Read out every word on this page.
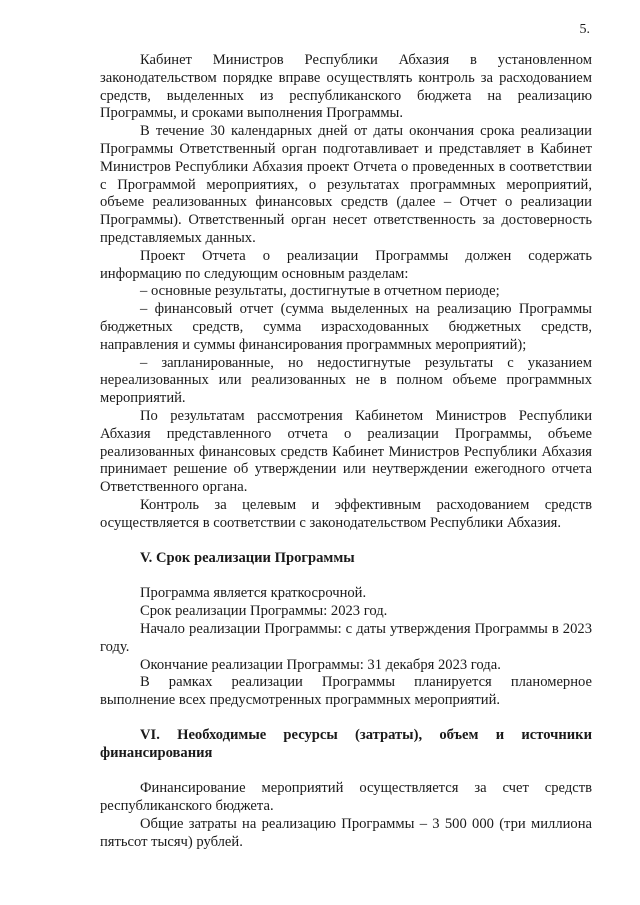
5.

Кабинет Министров Республики Абхазия в установленном законодательством порядке вправе осуществлять контроль за расходованием средств, выделенных из республиканского бюджета на реализацию Программы, и сроками выполнения Программы.

В течение 30 календарных дней от даты окончания срока реализации Программы Ответственный орган подготавливает и представляет в Кабинет Министров Республики Абхазия проект Отчета о проведенных в соответствии с Программой мероприятиях, о результатах программных мероприятий, объеме реализованных финансовых средств (далее – Отчет о реализации Программы). Ответственный орган несет ответственность за достоверность представляемых данных.

Проект Отчета о реализации Программы должен содержать информацию по следующим основным разделам:

– основные результаты, достигнутые в отчетном периоде;

– финансовый отчет (сумма выделенных на реализацию Программы бюджетных средств, сумма израсходованных бюджетных средств, направления и суммы финансирования программных мероприятий);

– запланированные, но недостигнутые результаты с указанием нереализованных или реализованных не в полном объеме программных мероприятий.

По результатам рассмотрения Кабинетом Министров Республики Абхазия представленного отчета о реализации Программы, объеме реализованных финансовых средств Кабинет Министров Республики Абхазия принимает решение об утверждении или неутверждении ежегодного отчета Ответственного органа.

Контроль за целевым и эффективным расходованием средств осуществляется в соответствии с законодательством Республики Абхазия.

V. Срок реализации Программы

Программа является краткосрочной.

Срок реализации Программы: 2023 год.

Начало реализации Программы: с даты утверждения Программы в 2023 году.

Окончание реализации Программы: 31 декабря 2023 года.

В рамках реализации Программы планируется планомерное выполнение всех предусмотренных программных мероприятий.

VI. Необходимые ресурсы (затраты), объем и источники финансирования

Финансирование мероприятий осуществляется за счет средств республиканского бюджета.

Общие затраты на реализацию Программы – 3 500 000 (три миллиона пятьсот тысяч) рублей.
